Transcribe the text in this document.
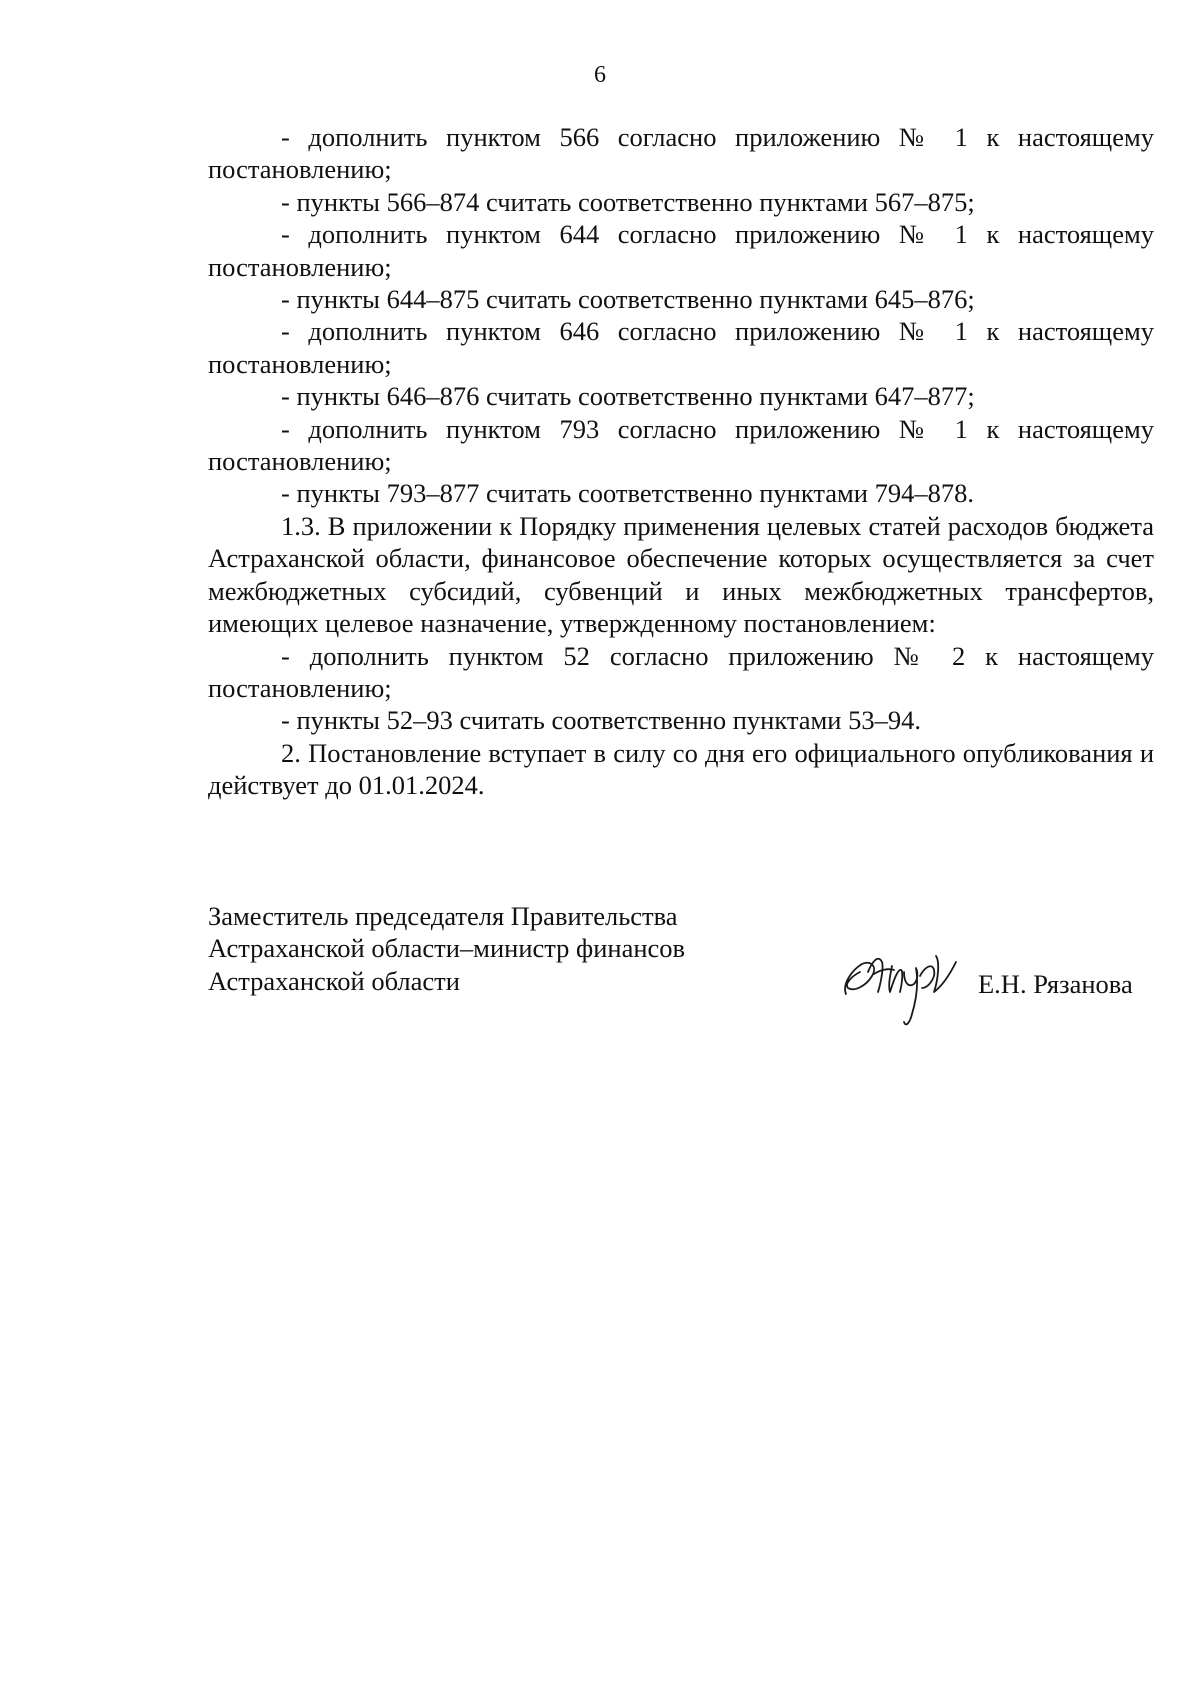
6

- дополнить пунктом 566 согласно приложению № 1 к настоящему постановлению;

- пункты 566–874 считать соответственно пунктами 567–875;

- дополнить пунктом 644 согласно приложению № 1 к настоящему постановлению;

- пункты 644–875 считать соответственно пунктами 645–876;

- дополнить пунктом 646 согласно приложению № 1 к настоящему постановлению;

- пункты 646–876 считать соответственно пунктами 647–877;

- дополнить пунктом 793 согласно приложению № 1 к настоящему постановлению;

- пункты 793–877 считать соответственно пунктами 794–878.

1.3. В приложении к Порядку применения целевых статей расходов бюджета Астраханской области, финансовое обеспечение которых осуществляется за счет межбюджетных субсидий, субвенций и иных межбюджетных трансфертов, имеющих целевое назначение, утвержденному постановлением:

- дополнить пунктом 52 согласно приложению № 2 к настоящему постановлению;

- пункты 52–93 считать соответственно пунктами 53–94.

2. Постановление вступает в силу со дня его официального опубликования и действует до 01.01.2024.

Заместитель председателя Правительства
Астраханской области–министр финансов
Астраханской области	Е.Н. Рязанова
